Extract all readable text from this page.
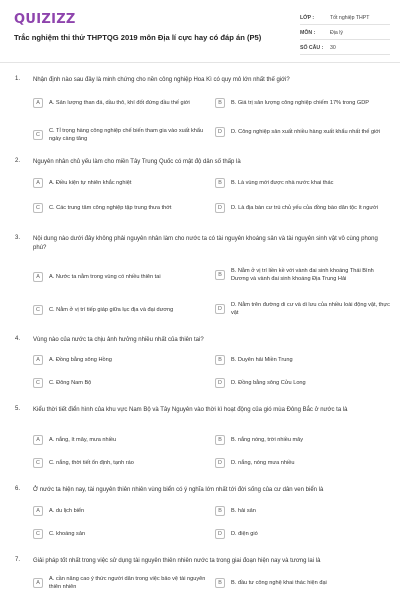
QUIZIZZ
Trắc nghiệm thi thử THPTQG 2019 môn Địa lí cực hay có đáp án (P5)
LỚP :	Tốt nghiệp THPT
MÔN :	Địa lý
SỐ CÂU :	30
1. Nhận định nào sau đây là minh chứng cho nền công nghiệp Hoa Kì có quy mô lớn nhất thế giới?
A	A. Sản lượng than đá, dầu thô, khí đốt đứng đầu thế giới	B	B. Giá trị sản lượng công nghiệp chiếm 17% trong GDP
C
C. Tỉ trọng hàng công nghiệp chế biến tham gia vào xuất khẩu ngày càng tăng
D	D. Công nghiệp sản xuất nhiều hàng xuất khẩu nhất thế giới
2. Nguyên nhân chủ yếu làm cho miền Tây Trung Quốc có mật độ dân số thấp là
A	A. Điều kiện tự nhiên khắc nghiệt	B	B. Là vùng mới được nhà nước khai thác
C	C. Các trung tâm công nghiệp tập trung thưa thớt	D	D. Là địa bàn cư trú chủ yếu của đồng bào dân tộc ít người
3. Nội dung nào dưới đây không phải nguyên nhân làm cho nước ta có tài nguyên khoáng sản và tài nguyên sinh vật vô cùng phong phú?
A	A. Nước ta nằm trong vùng có nhiều thiên tai	B
B. Nằm ở vị trí liền kề với vành đai sinh khoáng Thái Bình Dương và vành đai sinh khoáng Địa Trung Hải
C	C. Nằm ở vị trí tiếp giáp giữa lục địa và đại dương	D
D. Nằm trên đường di cư và di lưu của nhiều loài động vật, thực vật
4. Vùng nào của nước ta chịu ảnh hưởng nhiều nhất của thiên tai?
A	A. Đồng bằng sông Hồng	B	B. Duyên hải Miền Trung
C	C. Đông Nam Bộ	D	D. Đồng bằng sông Cửu Long
5. Kiểu thời tiết điển hình của khu vực Nam Bộ và Tây Nguyên vào thời kì hoạt động của gió mùa Đông Bắc ở nước ta là
A	A. nắng, ít mây, mưa nhiều	B	B. nắng nóng, trời nhiều mây
C	C. nắng, thời tiết ổn định, tạnh ráo	D	D. nắng, nóng mưa nhiều
6. Ở nước ta hiện nay, tài nguyên thiên nhiên vùng biển có ý nghĩa lớn nhất tới đời sống của cư dân ven biển là
A	A. du lịch biển	B	B. hải sản
C	C. khoáng sản	D	D. điện gió
7. Giải pháp tốt nhất trong việc sử dụng tài nguyên thiên nhiên nước ta trong giai đoạn hiện nay và tương lai là
A
A. cần nâng cao ý thức người dân trong việc bảo vệ tài nguyên thiên nhiên
B	B. đầu tư công nghệ khai thác hiện đại
